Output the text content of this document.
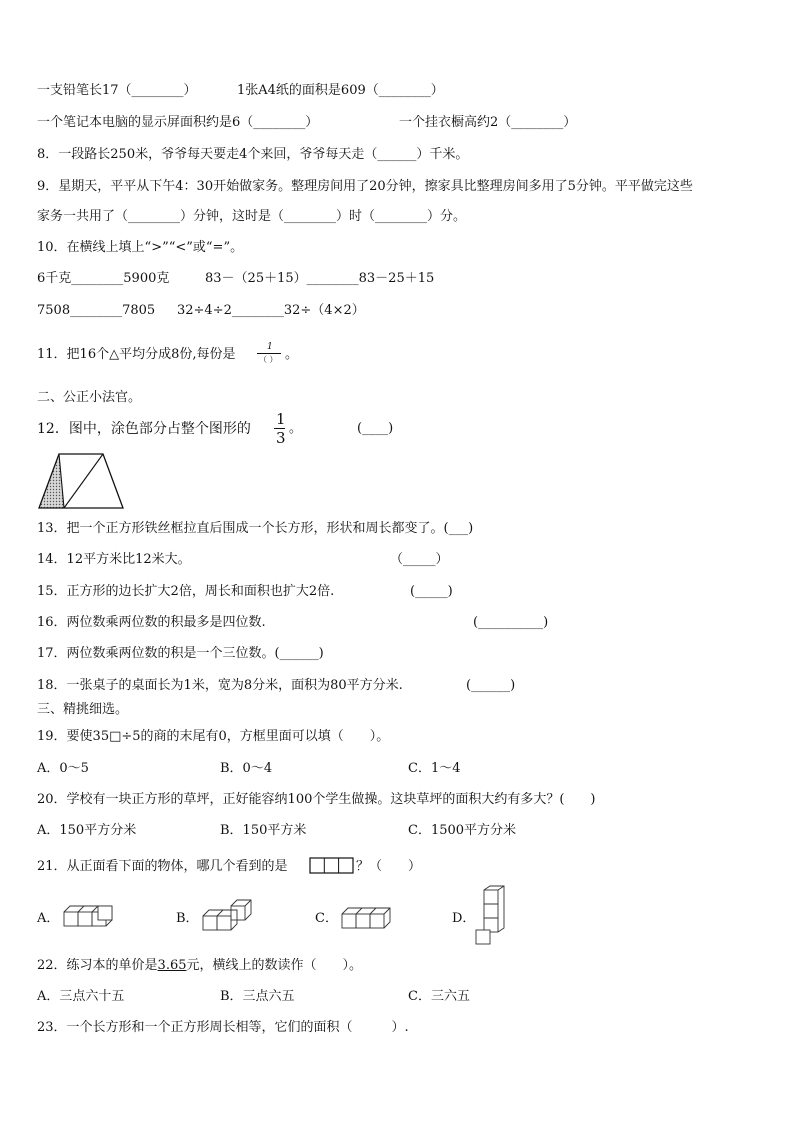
一支铅笔长17（________）	1张A4纸的面积是609（________）
一个笔记本电脑的显示屏面积约是6（________）	一个挂衣橱高约2（________）
8．一段路长250米，爷爷每天要走4个来回，爷爷每天走（______）千米。
9．星期天，平平从下午4：30开始做家务。整理房间用了20分钟，擦家具比整理房间多用了5分钟。平平做完这些
家务一共用了（________）分钟，这时是（________）时（________）分。
10．在横线上填上“>”“<”或“=”。
6千克________5900克	83－（25＋15）________83－25＋15
7508________7805 32÷4÷2________32÷（4×2）
11．把16个△平均分成8份,每份是	1
（ ） 。
二、公正小法官。
12．图中，涂色部分占整个图形的
1
3
。	(____)
13．把一个正方形铁丝框拉直后围成一个长方形，形状和周长都变了。(___)
14．12平方米比12米大。	（_____）
15．正方形的边长扩大2倍，周长和面积也扩大2倍.	(_____)
16．两位数乘两位数的积最多是四位数.	(__________)
17．两位数乘两位数的积是一个三位数。(______)
18．一张桌子的桌面长为1米，宽为8分米，面积为80平方分米.	(______)
三、精挑细选。
19．要使35□÷5的商的末尾有0，方框里面可以填（　　）。
A．0～5	B．0～4	C．1～4
20．学校有一块正方形的草坪，正好能容纳100个学生做操。这块草坪的面积大约有多大？(　　)
A．150平方分米	B．150平方米	C．1500平方分米
21．从正面看下面的物体，哪几个看到的是	？（　　）
A．	B．	C．	D．
22．练习本的单价是3.65元，横线上的数读作（　　）。
A．三点六十五	B．三点六五	C．三六五
23．一个长方形和一个正方形周长相等，它们的面积（　　　）.
